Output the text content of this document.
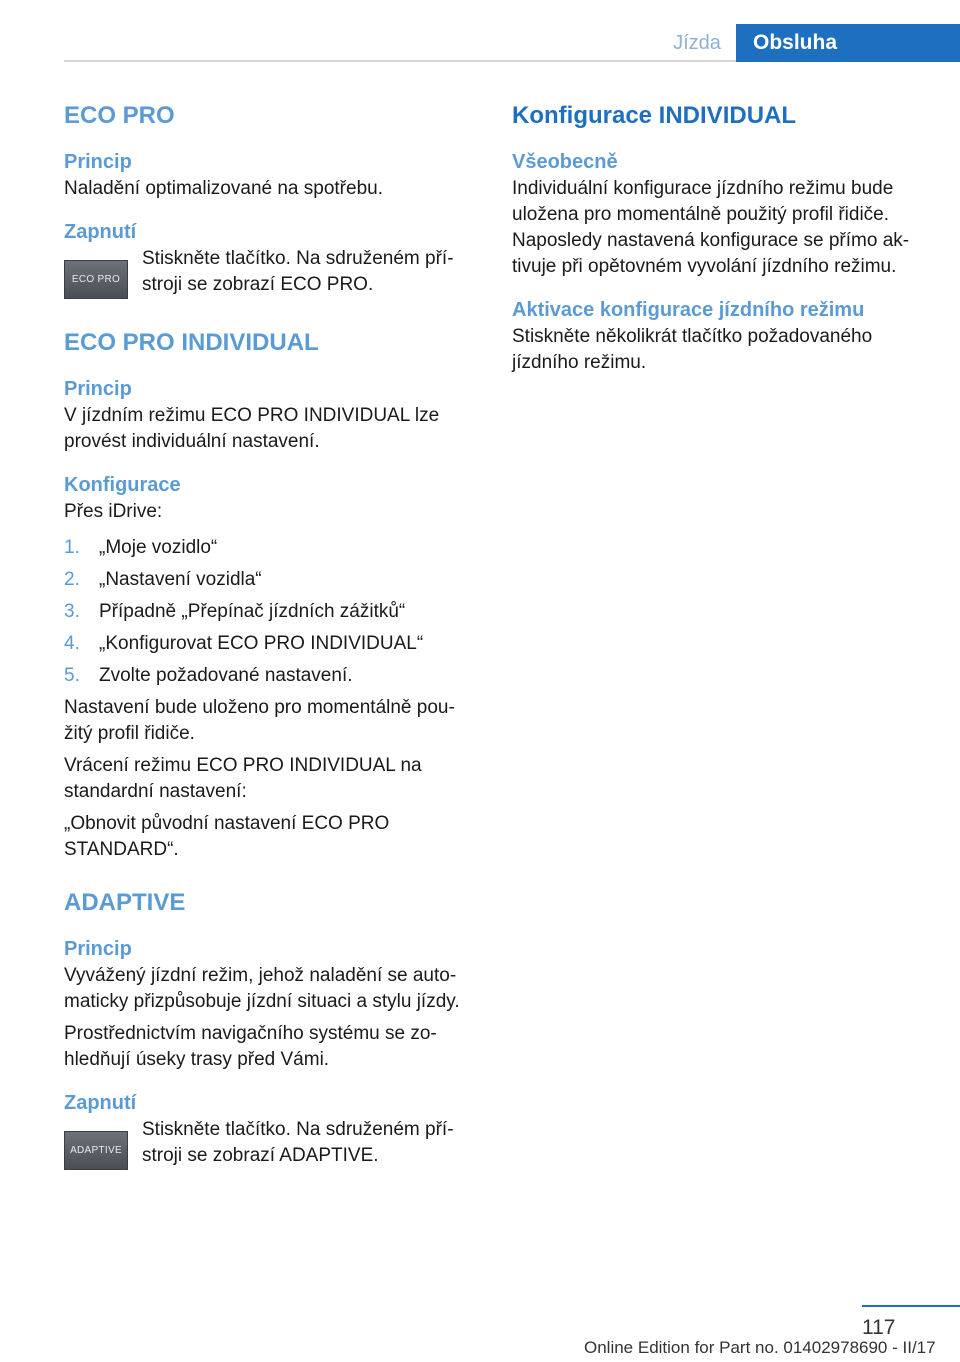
Jízda	Obsluha
ECO PRO
Princip

Naladění optimalizované na spotřebu.

Zapnutí
ECO PRO

Stiskněte tlačítko. Na sdruženém pří‐

stroji se zobrazí ECO PRO.

ECO PRO INDIVIDUAL
Princip

V jízdním režimu ECO PRO INDIVIDUAL lze

provést individuální nastavení.

Konfigurace

Přes iDrive:

1.	„Moje vozidlo“
2.	„Nastavení vozidla“
3.	Případně „Přepínač jízdních zážitků“
4.	„Konfigurovat ECO PRO INDIVIDUAL“
5.	Zvolte požadované nastavení.

Nastavení bude uloženo pro momentálně pou‐

žitý profil řidiče.

Vrácení režimu ECO PRO INDIVIDUAL na

standardní nastavení:

„Obnovit původní nastavení ECO PRO

STANDARD“.

ADAPTIVE
Princip

Vyvážený jízdní režim, jehož naladění se auto‐

maticky přizpůsobuje jízdní situaci a stylu jízdy.

Prostřednictvím navigačního systému se zo‐

hledňují úseky trasy před Vámi.

Zapnutí
ADAPTIVE

Stiskněte tlačítko. Na sdruženém pří‐

stroji se zobrazí ADAPTIVE.

Konfigurace INDIVIDUAL
Všeobecně

Individuální konfigurace jízdního režimu bude

uložena pro momentálně použitý profil řidiče.

Naposledy nastavená konfigurace se přímo ak‐

tivuje při opětovném vyvolání jízdního režimu.

Aktivace konfigurace jízdního režimu

Stiskněte několikrát tlačítko požadovaného

jízdního režimu.

117
Online Edition for Part no. 01402978690 - II/17
